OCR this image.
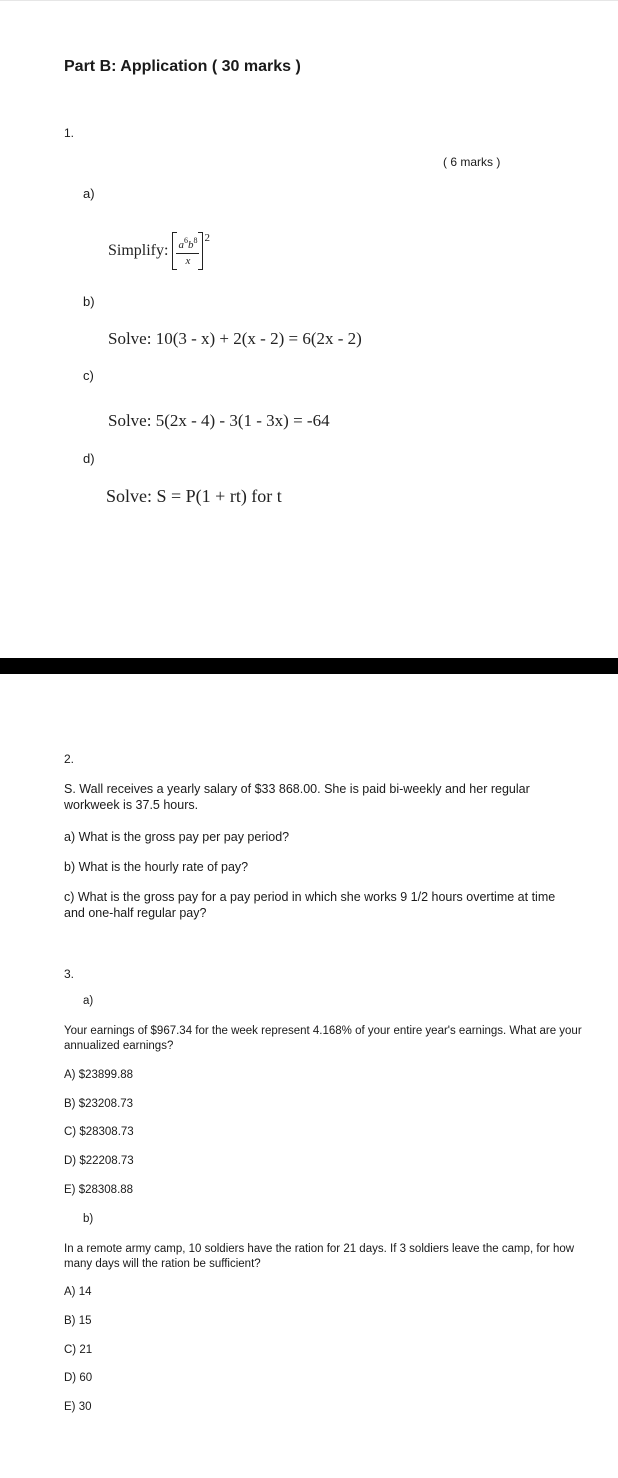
Part B: Application ( 30 marks )
1.
( 6 marks )
a)
Simplify: $\frac{a^6b^8}{x} ^2$
b)
Solve: 10(3 - x) + 2(x - 2) = 6(2x - 2)
c)
Solve: 5(2x - 4) - 3(1 - 3x) = -64
d)
Solve: S = P(1 + rt) for t
2.
S. Wall receives a yearly salary of $33 868.00. She is paid bi-weekly and her regular workweek is 37.5 hours.
a) What is the gross pay per pay period?
b) What is the hourly rate of pay?
c) What is the gross pay for a pay period in which she works 9 1/2 hours overtime at time and one-half regular pay?
3.
a)
Your earnings of $967.34 for the week represent 4.168% of your entire year's earnings. What are your annualized earnings?
A) $23899.88
B) $23208.73
C) $28308.73
D) $22208.73
E) $28308.88
b)
In a remote army camp, 10 soldiers have the ration for 21 days. If 3 soldiers leave the camp, for how many days will the ration be sufficient?
A) 14
B) 15
C) 21
D) 60
E) 30
